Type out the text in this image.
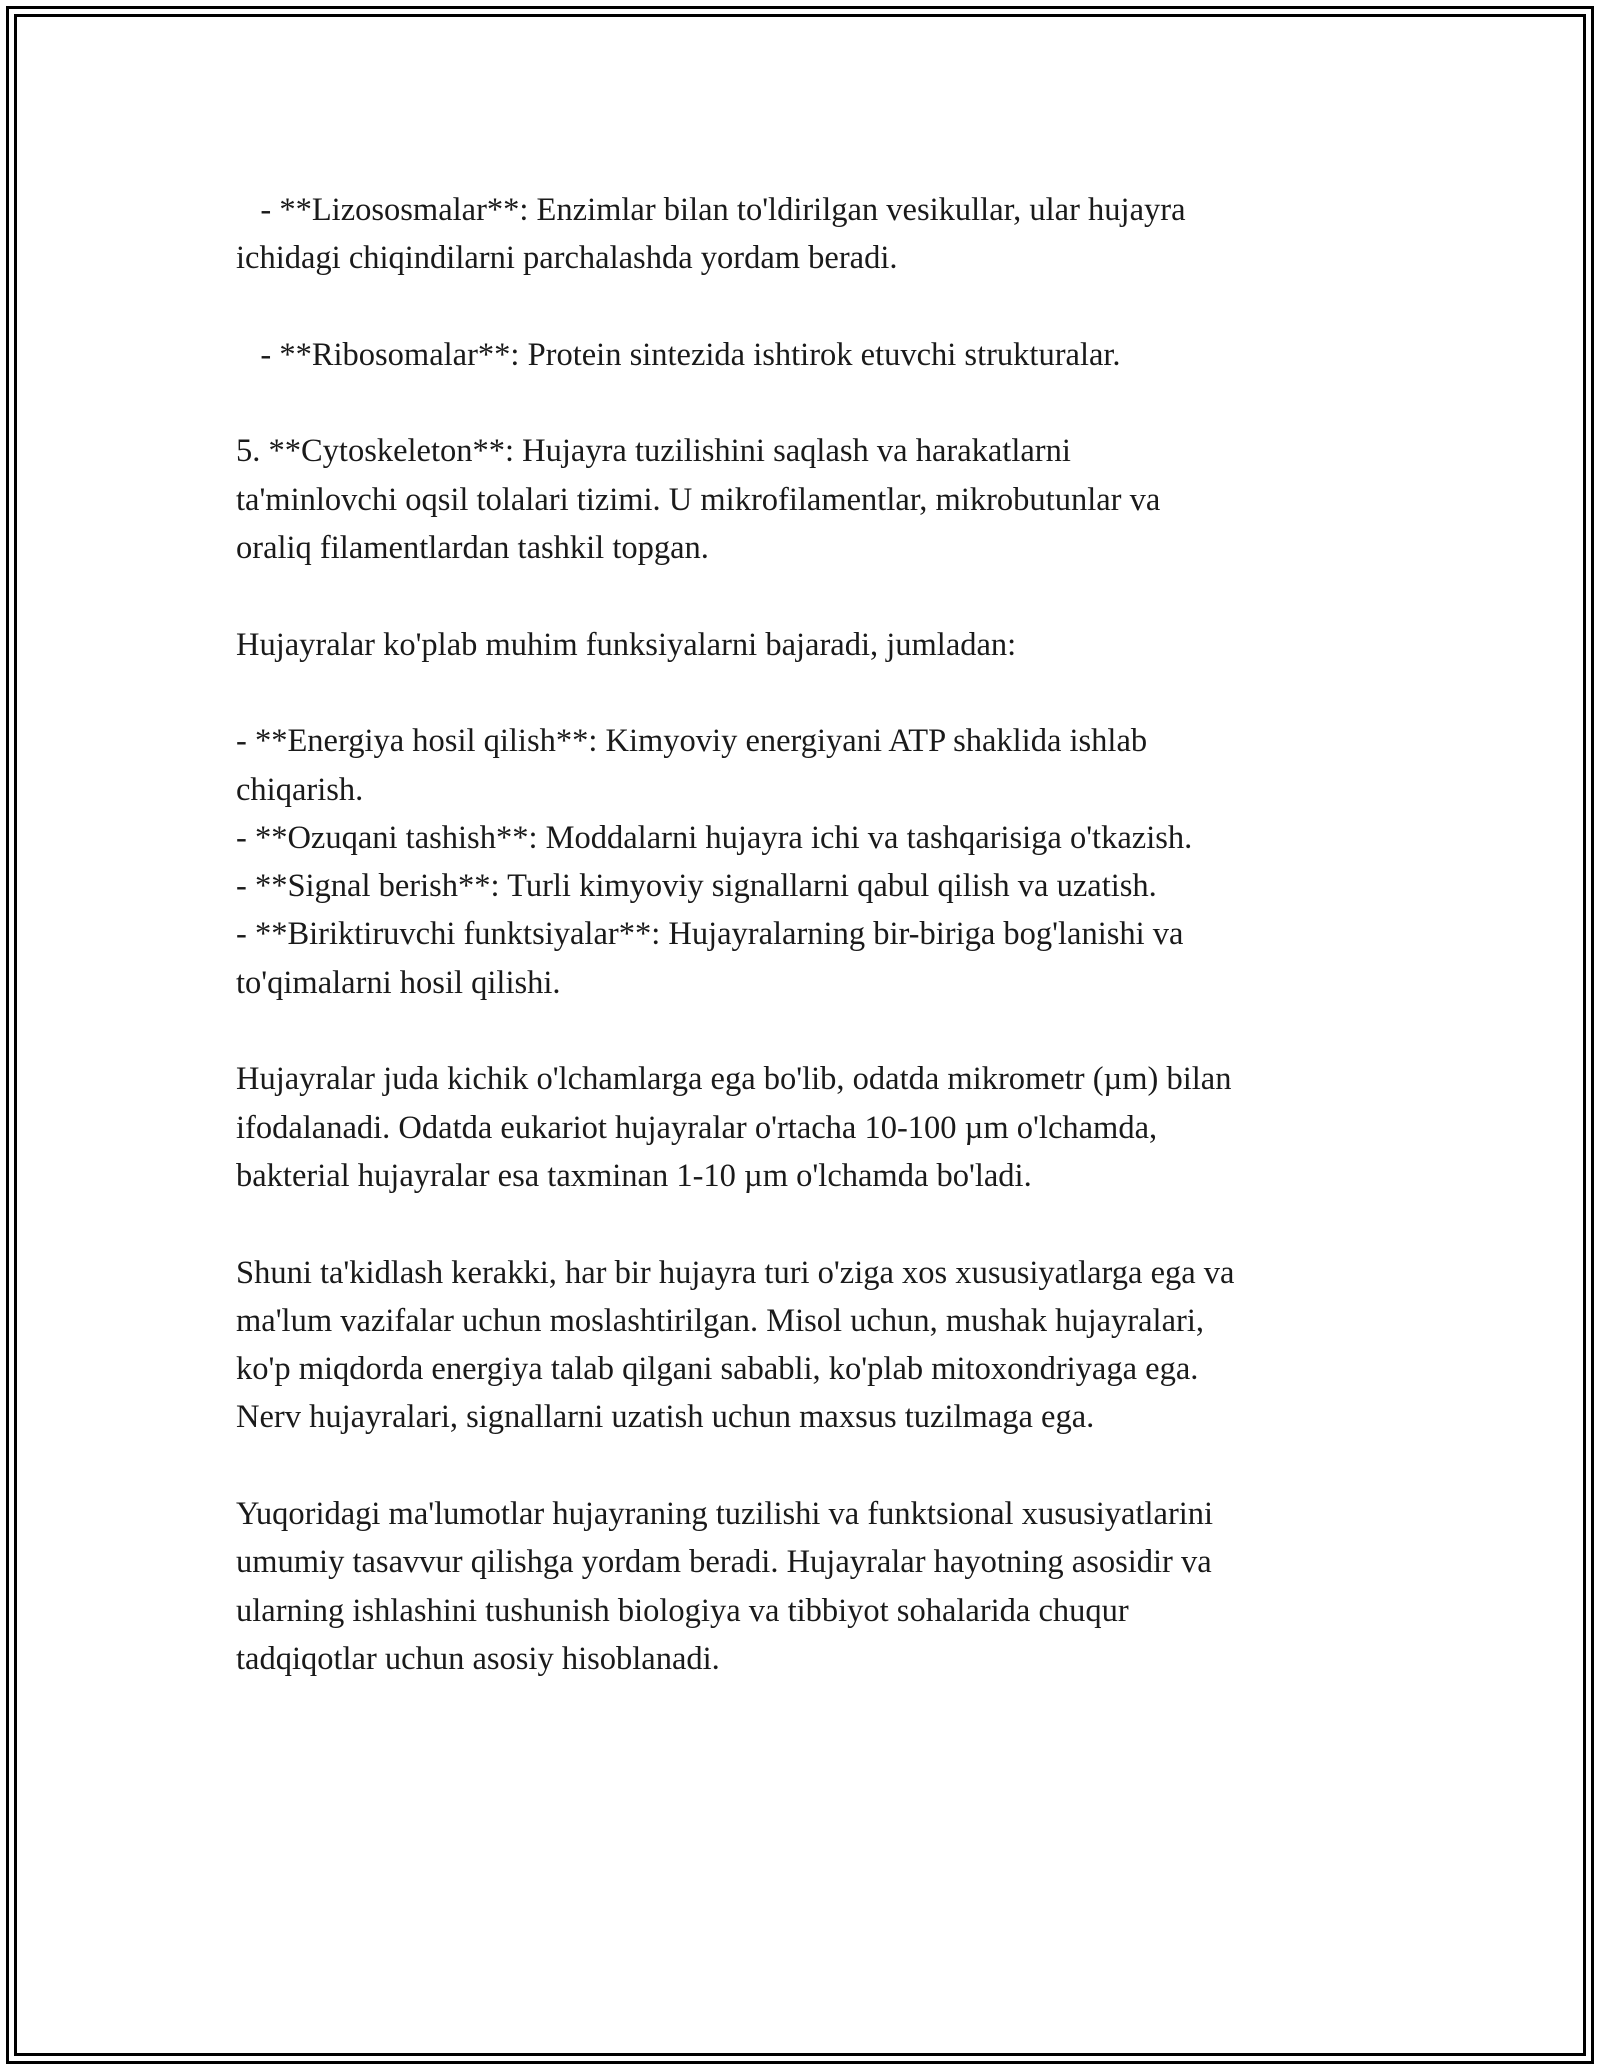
- **Lizososmalar**: Enzimlar bilan to'ldirilgan vesikullar, ular hujayra
ichidagi chiqindilarni parchalashda yordam beradi.
- **Ribosomalar**: Protein sintezida ishtirok etuvchi strukturalar.
5. **Cytoskeleton**: Hujayra tuzilishini saqlash va harakatlarni
ta'minlovchi oqsil tolalari tizimi. U mikrofilamentlar, mikrobutunlar va
oraliq filamentlardan tashkil topgan.
Hujayralar ko'plab muhim funksiyalarni bajaradi, jumladan:
- **Energiya hosil qilish**: Kimyoviy energiyani ATP shaklida ishlab
chiqarish.
- **Ozuqani tashish**: Moddalarni hujayra ichi va tashqarisiga o'tkazish.
- **Signal berish**: Turli kimyoviy signallarni qabul qilish va uzatish.
- **Biriktiruvchi funktsiyalar**: Hujayralarning bir-biriga bog'lanishi va
to'qimalarni hosil qilishi.
Hujayralar juda kichik o'lchamlarga ega bo'lib, odatda mikrometr (µm) bilan
ifodalanadi. Odatda eukariot hujayralar o'rtacha 10-100 µm o'lchamda,
bakterial hujayralar esa taxminan 1-10 µm o'lchamda bo'ladi.
Shuni ta'kidlash kerakki, har bir hujayra turi o'ziga xos xususiyatlarga ega va
ma'lum vazifalar uchun moslashtirilgan. Misol uchun, mushak hujayralari,
ko'p miqdorda energiya talab qilgani sababli, ko'plab mitoxondriyaga ega.
Nerv hujayralari, signallarni uzatish uchun maxsus tuzilmaga ega.
Yuqoridagi ma'lumotlar hujayraning tuzilishi va funktsional xususiyatlarini
umumiy tasavvur qilishga yordam beradi. Hujayralar hayotning asosidir va
ularning ishlashini tushunish biologiya va tibbiyot sohalarida chuqur
tadqiqotlar uchun asosiy hisoblanadi.
